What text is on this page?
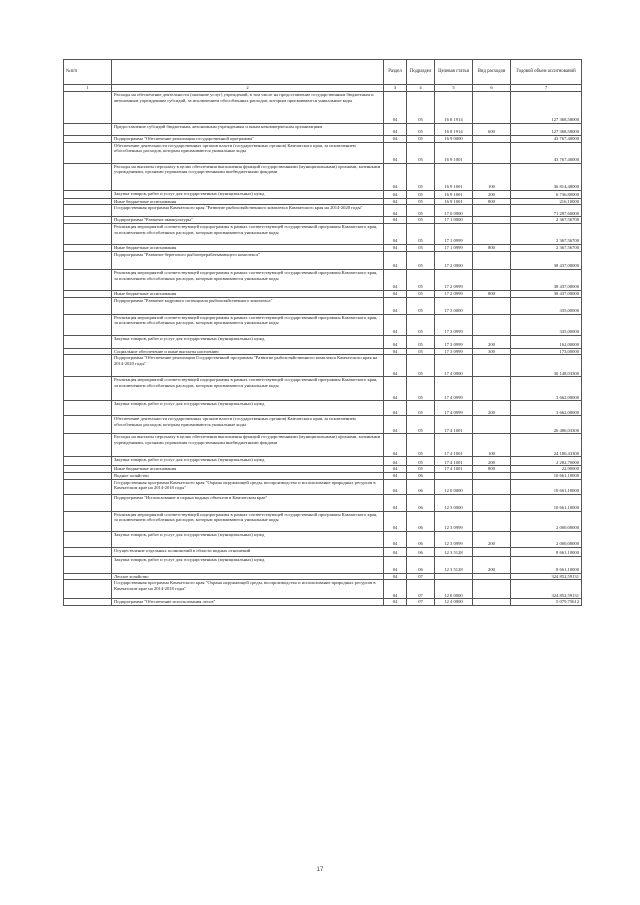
№п/п		Раздел	Подраздел	Целевая статья	Вид расходов	Годовой объем ассигнований
1	2	3	4	5	6	7
	Расходы на обеспечение деятельности (оказание услуг) учреждений, в том числе на предоставление государственным бюджетным и автономным учреждениям субсидий, за исключением обособленных расходов, которым присваиваются уникальные коды	04	05	16 8 1914		127 368,58000
	Предоставление субсидий бюджетным, автономным учреждениям и иным некоммерческим организациям	04	05	16 8 1914	600	127 368,58000
	Подпрограмма "Обеспечение реализации государственной программы"	04	05	16 9 0000		43 767,40000
	Обеспечение деятельности государственных органов власти (государственных органов) Камчатского края, за исключением обособленных расходов, которым присваиваются уникальные коды	04	05	16 9 1001		43 767,40000
	Расходы на выплаты персоналу в целях обеспечения выполнения функций государственными (муниципальными) органами, казенными учреждениями, органами управления государственными внебюджетными фондами	04	05	16 9 1001	100	36 814,48000
	Закупка товаров, работ и услуг для государственных (муниципальных) нужд	04	05	16 9 1001	200	6 736,80000
	Иные бюджетные ассигнования	04	05	16 9 1001	800	216,10000
	Государственная программа Камчатского края "Развитие рыбохозяйственного комплекса Камчатского края на 2014-2020 годы"	04	05	17 0 0000		71 287,60000
	Подпрограмма "Развитие аквакультуры"	04	05	17 1 0000		2 367,56700
	Реализация мероприятий соответствующей подпрограммы в рамках соответствующей государственной программы Камчатского края, за исключением обособленных расходов, которым присваиваются уникальные коды	04	05	17 1 0999		2 367,56700
	Иные бюджетные ассигнования	04	05	17 1 0999	800	2 367,56700
	Подпрограмма "Развитие берегового рыбоперерабатывающего комплекса"	04	05	17 2 0000		38 437,00000
	Реализация мероприятий соответствующей подпрограммы в рамках соответствующей государственной программы Камчатского края, за исключением обособленных расходов, которым присваиваются уникальные коды	04	05	17 2 0999		38 437,00000
	Иные бюджетные ассигнования	04	05	17 2 0999	800	38 437,00000
	Подпрограмма "Развитие кадрового потенциала рыбохозяйственного комплекса"	04	05	17 3 0000		335,00000
	Реализация мероприятий соответствующей подпрограммы в рамках соответствующей государственной программы Камчатского края, за исключением обособленных расходов, которым присваиваются уникальные коды	04	05	17 3 0999		335,00000
	Закупка товаров, работ и услуг для государственных (муниципальных) нужд	04	05	17 3 0999	200	162,00000
	Социальное обеспечение и иные выплаты населению	04	05	17 3 0999	300	173,00000
	Подпрограмма "Обеспечение реализации Государственной программы "Развитие рыбохозяйственного комплекса Камчатского края на 2014-2020 годы"	04	05	17 4 0000		30 148,03300
	Реализация мероприятий соответствующей подпрограммы в рамках соответствующей государственной программы Камчатского края, за исключением обособленных расходов, которым присваиваются уникальные коды	04	05	17 4 0999		3 662,00000
	Закупка товаров, работ и услуг для государственных (муниципальных) нужд	04	05	17 4 0999	200	3 662,00000
	Обеспечение деятельности государственных органов власти (государственных органов) Камчатского края, за исключением обособленных расходов, которым присваиваются уникальные коды	04	05	17 4 1001		26 486,03300
	Расходы на выплаты персоналу в целях обеспечения выполнения функций государственными (муниципальными) органами, казенными учреждениями, органами управления государственными внебюджетными фондами	04	05	17 4 1001	100	24 180,43300
	Закупка товаров, работ и услуг для государственных (муниципальных) нужд	04	05	17 4 1001	200	2 282,70000
	Иные бюджетные ассигнования	04	05	17 4 1001	800	22,90000
	Водное хозяйство	04	06			10 661,10000
	Государственная программа Камчатского края "Охрана окружающей среды, воспроизводство и использование природных ресурсов в Камчатском крае на 2014-2018 годы"	04	06	12 0 0000		10 661,10000
	Подпрограмма "Использование и охрана водных объектов в Камчатском крае"	04	06	12 3 0000		10 661,10000
	Реализация мероприятий соответствующей подпрограммы в рамках соответствующей государственной программы Камчатского края, за исключением обособленных расходов, которым присваиваются уникальные коды	04	06	12 3 0999		2 000,00000
	Закупка товаров, работ и услуг для государственных (муниципальных) нужд	04	06	12 3 0999	200	2 000,00000
	Осуществление отдельных полномочий в области водных отношений	04	06	12 3 5128		8 661,10000
	Закупка товаров, работ и услуг для государственных (муниципальных) нужд	04	06	12 3 5128	200	8 661,10000
	Лесное хозяйство	04	07			324 852,59131
	Государственная программа Камчатского края "Охрана окружающей среды, воспроизводство и использование природных ресурсов в Камчатском крае на 2014-2018 годы"	04	07	12 0 0000		324 852,59131
	Подпрограмма "Обеспечение использования лесов"	04	07	12 4 0000		5 079,75612
17
